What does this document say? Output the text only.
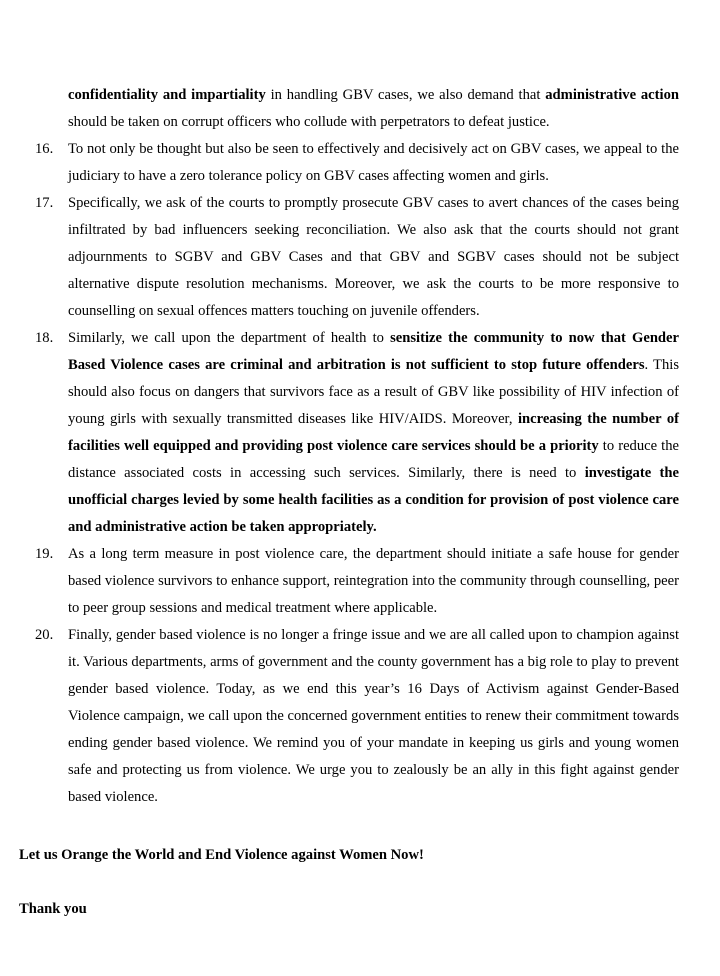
confidentiality and impartiality in handling GBV cases, we also demand that administrative action should be taken on corrupt officers who collude with perpetrators to defeat justice.
16. To not only be thought but also be seen to effectively and decisively act on GBV cases, we appeal to the judiciary to have a zero tolerance policy on GBV cases affecting women and girls.
17. Specifically, we ask of the courts to promptly prosecute GBV cases to avert chances of the cases being infiltrated by bad influencers seeking reconciliation. We also ask that the courts should not grant adjournments to SGBV and GBV Cases and that GBV and SGBV cases should not be subject alternative dispute resolution mechanisms. Moreover, we ask the courts to be more responsive to counselling on sexual offences matters touching on juvenile offenders.
18. Similarly, we call upon the department of health to sensitize the community to now that Gender Based Violence cases are criminal and arbitration is not sufficient to stop future offenders. This should also focus on dangers that survivors face as a result of GBV like possibility of HIV infection of young girls with sexually transmitted diseases like HIV/AIDS. Moreover, increasing the number of facilities well equipped and providing post violence care services should be a priority to reduce the distance associated costs in accessing such services. Similarly, there is need to investigate the unofficial charges levied by some health facilities as a condition for provision of post violence care and administrative action be taken appropriately.
19. As a long term measure in post violence care, the department should initiate a safe house for gender based violence survivors to enhance support, reintegration into the community through counselling, peer to peer group sessions and medical treatment where applicable.
20. Finally, gender based violence is no longer a fringe issue and we are all called upon to champion against it. Various departments, arms of government and the county government has a big role to play to prevent gender based violence. Today, as we end this year’s 16 Days of Activism against Gender-Based Violence campaign, we call upon the concerned government entities to renew their commitment towards ending gender based violence. We remind you of your mandate in keeping us girls and young women safe and protecting us from violence. We urge you to zealously be an ally in this fight against gender based violence.

Let us Orange the World and End Violence against Women Now!

Thank you
